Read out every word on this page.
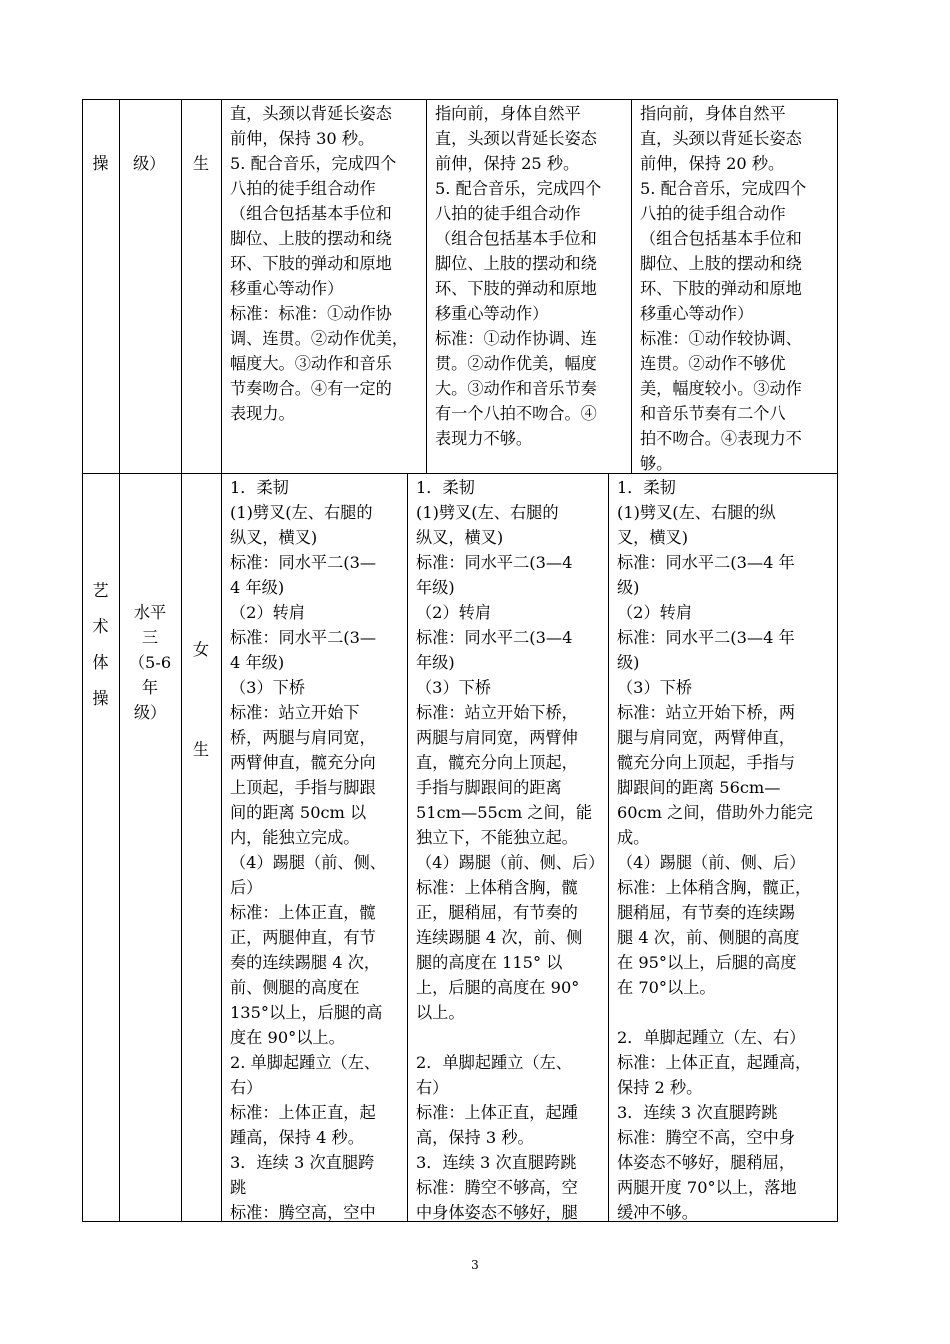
操

	级）

	生

直，头颈以背延长姿态
前伸，保持 30 秒。
5. 配合音乐，完成四个
八拍的徒手组合动作
（组合包括基本手位和
脚位、上肢的摆动和绕
环、下肢的弹动和原地
移重心等动作）
标准：标准：①动作协
调、连贯。②动作优美，
幅度大。③动作和音乐
节奏吻合。④有一定的
表现力。
指向前，身体自然平
直，头颈以背延长姿态
前伸，保持 25 秒。
5. 配合音乐，完成四个
八拍的徒手组合动作
（组合包括基本手位和
脚位、上肢的摆动和绕
环、下肢的弹动和原地
移重心等动作）
标准：①动作协调、连
贯。②动作优美，幅度
大。③动作和音乐节奏
有一个八拍不吻合。④
表现力不够。
指向前，身体自然平
直，头颈以背延长姿态
前伸，保持 20 秒。
5. 配合音乐，完成四个
八拍的徒手组合动作
（组合包括基本手位和
脚位、上肢的摆动和绕
环、下肢的弹动和原地
移重心等动作）
标准：①动作较协调、
连贯。②动作不够优
美，幅度较小。③动作
和音乐节奏有二个八
拍不吻合。④表现力不
够。
艺
术
体
操
水平
三
（5-6
年
级）
女
生
1．柔韧
(1)劈叉(左、右腿的
纵叉，横叉)
标准：同水平二(3—
4 年级)
（2）转肩
标准：同水平二(3—
4 年级)
（3）下桥
标准：站立开始下
桥，两腿与肩同宽，
两臂伸直，髋充分向
上顶起，手指与脚跟
间的距离 50cm 以
内，能独立完成。
（4）踢腿（前、侧、
后）
标准：上体正直，髋
正，两腿伸直，有节
奏的连续踢腿 4 次，
前、侧腿的高度在
135°以上，后腿的高
度在 90°以上。
2. 单脚起踵立（左、
右）
标准：上体正直，起
踵高，保持 4 秒。
3．连续 3 次直腿跨
跳
标准：腾空高，空中
1．柔韧
(1)劈叉(左、右腿的
纵叉，横叉)
标准：同水平二(3—4
年级)
（2）转肩
标准：同水平二(3—4
年级)
（3）下桥
标准：站立开始下桥，
两腿与肩同宽，两臂伸
直，髋充分向上顶起，
手指与脚跟间的距离
51cm—55cm 之间，能
独立下，不能独立起。
（4）踢腿（前、侧、后）
标准：上体稍含胸，髋
正，腿稍屈，有节奏的
连续踢腿 4 次，前、侧
腿的高度在 115° 以
上，后腿的高度在 90°
以上。

2．单脚起踵立（左、
右）
标准：上体正直，起踵
高，保持 3 秒。
3．连续 3 次直腿跨跳
标准：腾空不够高，空
中身体姿态不够好，腿
1．柔韧
(1)劈叉(左、右腿的纵
叉，横叉)
标准：同水平二(3—4 年
级)
（2）转肩
标准：同水平二(3—4 年
级)
（3）下桥
标准：站立开始下桥，两
腿与肩同宽，两臂伸直，
髋充分向上顶起，手指与
脚跟间的距离 56cm—
60cm 之间，借助外力能完
成。
（4）踢腿（前、侧、后）
标准：上体稍含胸，髋正，
腿稍屈，有节奏的连续踢
腿 4 次，前、侧腿的高度
在 95°以上，后腿的高度
在 70°以上。

2．单脚起踵立（左、右）
标准：上体正直，起踵高，
保持 2 秒。
3．连续 3 次直腿跨跳
标准：腾空不高，空中身
体姿态不够好，腿稍屈，
两腿开度 70°以上，落地
缓冲不够。
3
